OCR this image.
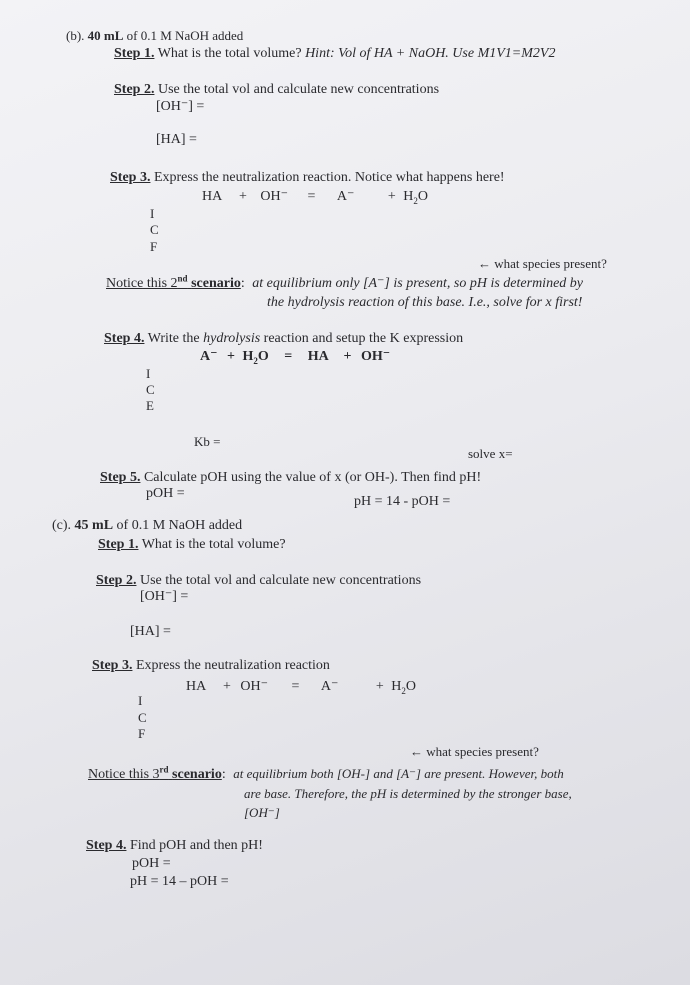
(b). 40 mL of 0.1 M NaOH added
Step 1. What is the total volume? Hint: Vol of HA + NaOH. Use M1V1=M2V2
Step 2. Use the total vol and calculate new concentrations
[OH⁻] =
[HA] =
Step 3. Express the neutralization reaction. Notice what happens here!
HA + $OH^- = A^- + H_2O$
I
C
F
← what species present?
Notice this 2nd scenario: at equilibrium only [A⁻] is present, so pH is determined by
the hydrolysis reaction of this base. I.e., solve for x first!
Step 4. Write the hydrolysis reaction and setup the K expression
$A^- + H_2O$ = HA + OH⁻
I
C
E
Kb =
solve x=
Step 5. Calculate pOH using the value of x (or OH-). Then find pH!
pOH =
pH = 14 - pOH =
(c). 45 mL of 0.1 M NaOH added
Step 1. What is the total volume?
Step 2. Use the total vol and calculate new concentrations
[OH⁻] =
[HA] =
Step 3. Express the neutralization reaction
HA + OH⁻ = A⁻	+ $H_2O$
I
C
F
← what species present?
Notice this 3rd scenario: at equilibrium both [OH-] and [A⁻] are present. However, both
are base. Therefore, the pH is determined by the stronger base,
[OH⁻]
Step 4. Find pOH and then pH!
pOH =
pH = 14 – pOH =
